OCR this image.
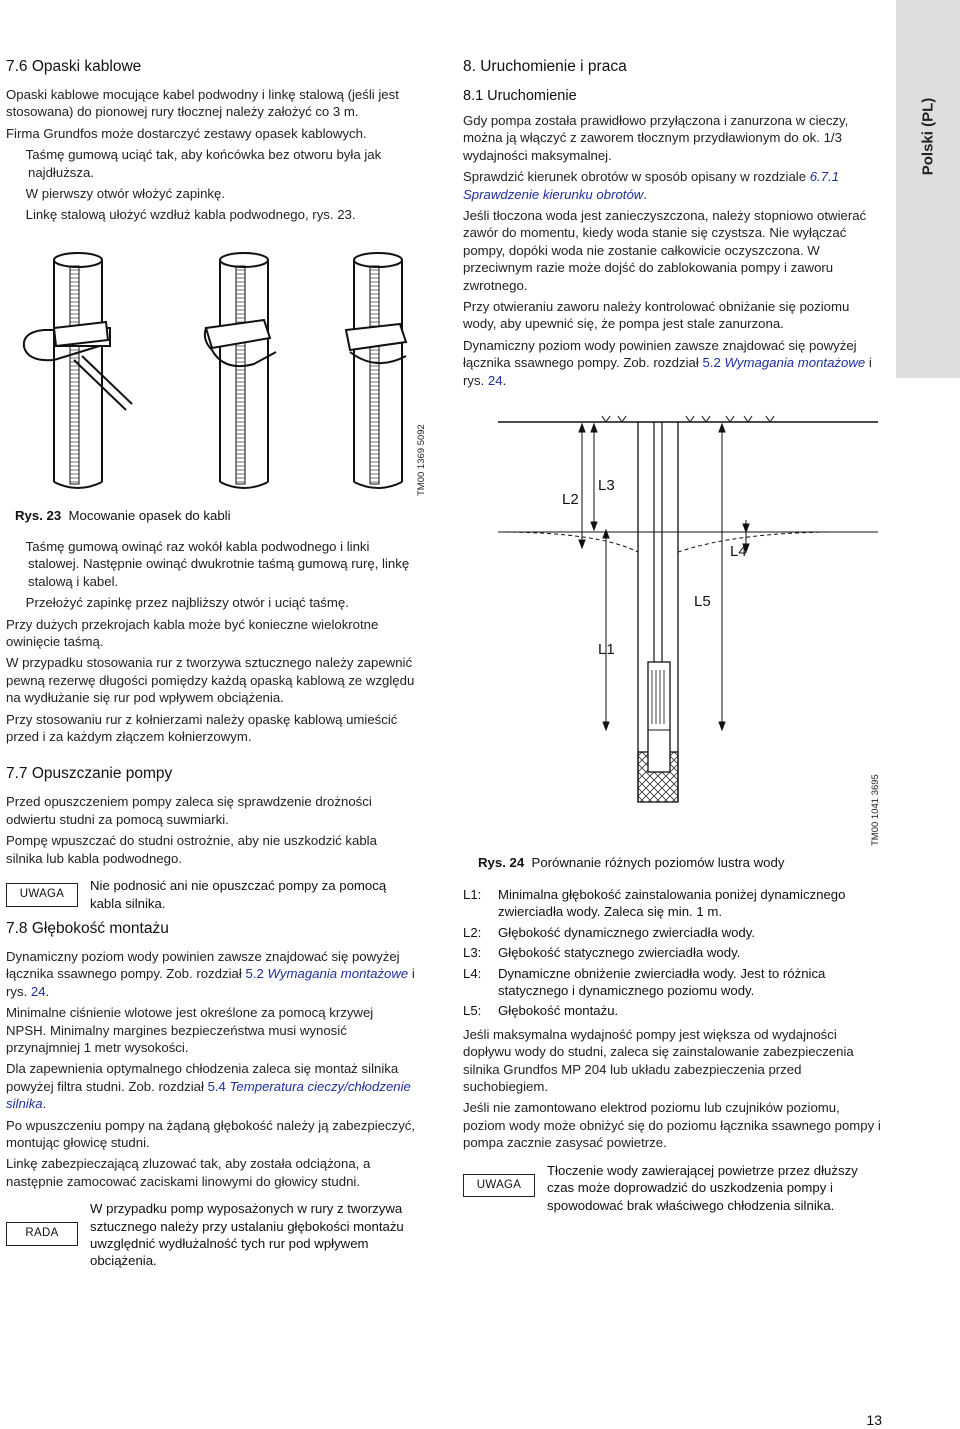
Polski (PL)
7.6 Opaski kablowe

Opaski kablowe mocujące kabel podwodny i linkę stalową (jeśli jest stosowana) do pionowej rury tłocznej należy założyć co 3 m.

Firma Grundfos może dostarczyć zestawy opasek kablowych.

Taśmę gumową uciąć tak, aby końcówka bez otworu była jak najdłuższa.

W pierwszy otwór włożyć zapinkę.

Linkę stalową ułożyć wzdłuż kabla podwodnego, rys. 23.

TM00 1369 5092
Rys. 23 Mocowanie opasek do kabli

Taśmę gumową owinąć raz wokół kabla podwodnego i linki stalowej. Następnie owinąć dwukrotnie taśmą gumową rurę, linkę stalową i kabel.

Przełożyć zapinkę przez najbliższy otwór i uciąć taśmę.

Przy dużych przekrojach kabla może być konieczne wielokrotne owinięcie taśmą.

W przypadku stosowania rur z tworzywa sztucznego należy zapewnić pewną rezerwę długości pomiędzy każdą opaską kablową ze względu na wydłużanie się rur pod wpływem obciążenia.

Przy stosowaniu rur z kołnierzami należy opaskę kablową umieścić przed i za każdym złączem kołnierzowym.

7.7 Opuszczanie pompy

Przed opuszczeniem pompy zaleca się sprawdzenie drożności odwiertu studni za pomocą suwmiarki.

Pompę wpuszczać do studni ostrożnie, aby nie uszkodzić kabla silnika lub kabla podwodnego.

UWAGA
Nie podnosić ani nie opuszczać pompy za pomocą kabla silnika.
7.8 Głębokość montażu

Dynamiczny poziom wody powinien zawsze znajdować się powyżej łącznika ssawnego pompy. Zob. rozdział 5.2 Wymagania montażowe i rys. 24.

Minimalne ciśnienie wlotowe jest określone za pomocą krzywej NPSH. Minimalny margines bezpieczeństwa musi wynosić przynajmniej 1 metr wysokości.

Dla zapewnienia optymalnego chłodzenia zaleca się montaż silnika powyżej filtra studni. Zob. rozdział 5.4 Temperatura cieczy/chłodzenie silnika.

Po wpuszczeniu pompy na żądaną głębokość należy ją zabezpieczyć, montując głowicę studni.

Linkę zabezpieczającą zluzować tak, aby została odciążona, a następnie zamocować zaciskami linowymi do głowicy studni.

RADA
W przypadku pomp wyposażonych w rury z tworzywa sztucznego należy przy ustalaniu głębokości montażu uwzględnić wydłużalność tych rur pod wpływem obciążenia.
8. Uruchomienie i praca
8.1 Uruchomienie

Gdy pompa została prawidłowo przyłączona i zanurzona w cieczy, można ją włączyć z zaworem tłocznym przydławionym do ok. 1/3 wydajności maksymalnej.

Sprawdzić kierunek obrotów w sposób opisany w rozdziale 6.7.1 Sprawdzenie kierunku obrotów.

Jeśli tłoczona woda jest zanieczyszczona, należy stopniowo otwierać zawór do momentu, kiedy woda stanie się czystsza. Nie wyłączać pompy, dopóki woda nie zostanie całkowicie oczyszczona. W przeciwnym razie może dojść do zablokowania pompy i zaworu zwrotnego.

Przy otwieraniu zaworu należy kontrolować obniżanie się poziomu wody, aby upewnić się, że pompa jest stale zanurzona.

Dynamiczny poziom wody powinien zawsze znajdować się powyżej łącznika ssawnego pompy. Zob. rozdział 5.2 Wymagania montażowe i rys. 24.

L1
L2
L3
L4
L5
TM00 1041 3695
Rys. 24 Porównanie różnych poziomów lustra wody
L1:	Minimalna głębokość zainstalowania poniżej dynamicznego zwierciadła wody. Zaleca się min. 1 m.
L2:	Głębokość dynamicznego zwierciadła wody.
L3:	Głębokość statycznego zwierciadła wody.
L4:	Dynamiczne obniżenie zwierciadła wody. Jest to różnica statycznego i dynamicznego poziomu wody.
L5:	Głębokość montażu.

Jeśli maksymalna wydajność pompy jest większa od wydajności dopływu wody do studni, zaleca się zainstalowanie zabezpieczenia silnika Grundfos MP 204 lub układu zabezpieczenia przed suchobiegiem.

Jeśli nie zamontowano elektrod poziomu lub czujników poziomu, poziom wody może obniżyć się do poziomu łącznika ssawnego pompy i pompa zacznie zasysać powietrze.

UWAGA
Tłoczenie wody zawierającej powietrze przez dłuższy czas może doprowadzić do uszkodzenia pompy i spowodować brak właściwego chłodzenia silnika.
13
